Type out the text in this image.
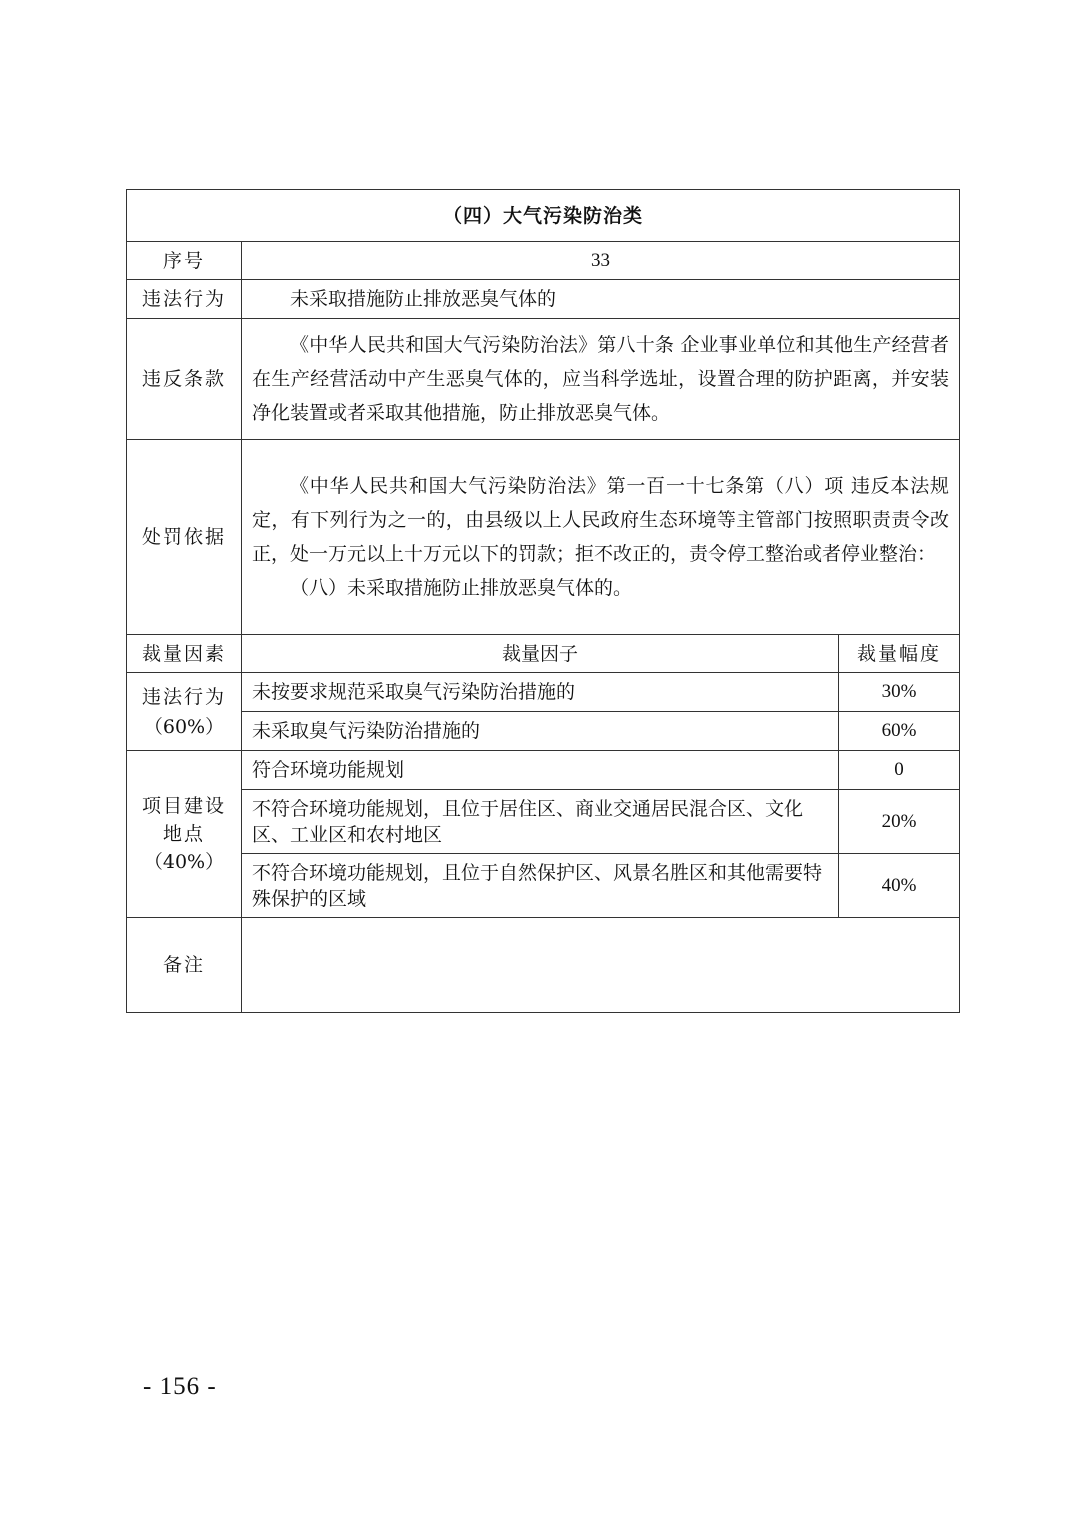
（四）大气污染防治类		
序号	33	
违法行为	未采取措施防止排放恶臭气体的	

违反条款	《中华人民共和国大气污染防治法》第八十条 企业事业单位和其他生产经营者在生产经营活动中产生恶臭气体的，应当科学选址，设置合理的防护距离，并安装净化装置或者采取其他措施，防止排放恶臭气体。	

处罚依据	《中华人民共和国大气污染防治法》第一百一十七条第（八）项 违反本法规定，有下列行为之一的，由县级以上人民政府生态环境等主管部门按照职责责令改正，处一万元以上十万元以下的罚款；拒不改正的，责令停工整治或者停业整治：
（八）未采取措施防止排放恶臭气体的。	

裁量因素	裁量因子	裁量幅度

违法行为
（60%）	未按要求规范采取臭气污染防治措施的	30%
	未采取臭气污染防治措施的	60%

项目建设
地点
（40%）	符合环境功能规划	0
	不符合环境功能规划，且位于居住区、商业交通居民混合区、文化区、工业区和农村地区	20%
	不符合环境功能规划，且位于自然保护区、风景名胜区和其他需要特殊保护的区域	40%
备注		
- 156 -
